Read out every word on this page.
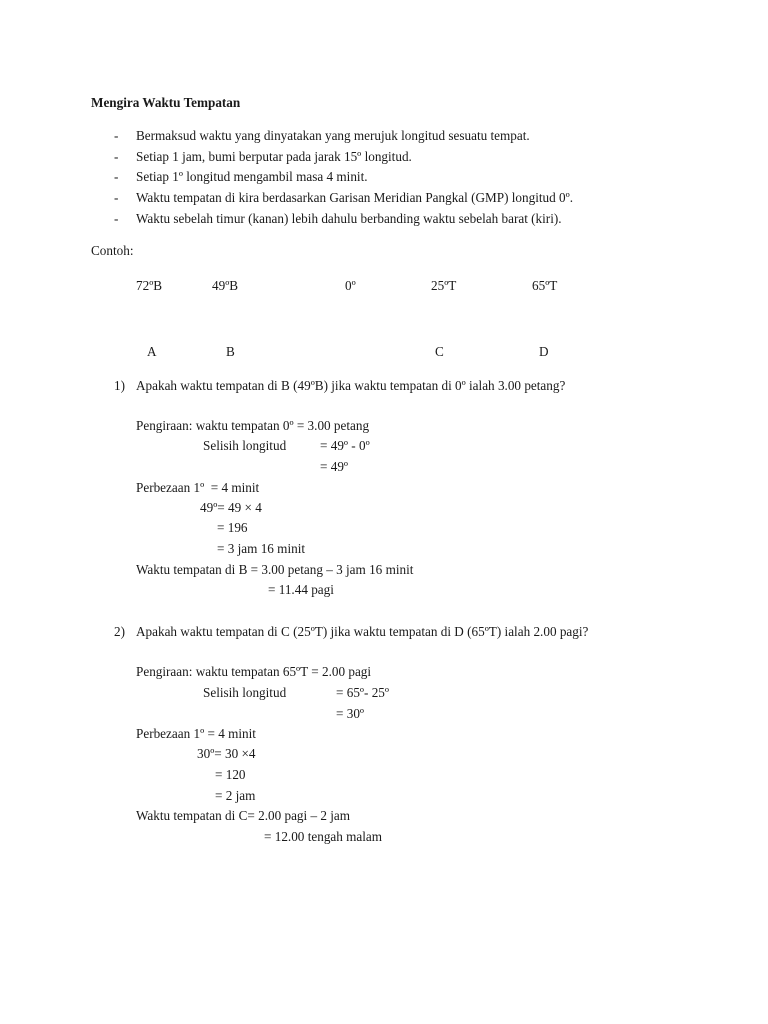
Mengira Waktu Tempatan
- Bermaksud waktu yang dinyatakan yang merujuk longitud sesuatu tempat.
- Setiap 1 jam, bumi berputar pada jarak 15º longitud.
- Setiap 1º longitud mengambil masa 4 minit.
- Waktu tempatan di kira berdasarkan Garisan Meridian Pangkal (GMP) longitud 0º.
- Waktu sebelah timur (kanan) lebih dahulu berbanding waktu sebelah barat (kiri).
Contoh:
72ºB	49ºB	0º	25ºT	65ºT
A	B	C	D
1) Apakah waktu tempatan di B (49ºB) jika waktu tempatan di 0º ialah 3.00 petang?
Pengiraan: waktu tempatan 0º = 3.00 petang
Selisih longitud	= 49º - 0º
= 49º
Perbezaan 1º  = 4 minit
49º= 49 × 4
= 196
= 3 jam 16 minit
Waktu tempatan di B = 3.00 petang – 3 jam 16 minit
= 11.44 pagi
2) Apakah waktu tempatan di C (25ºT) jika waktu tempatan di D (65ºT) ialah 2.00 pagi?
Pengiraan: waktu tempatan 65ºT = 2.00 pagi
Selisih longitud	= 65º- 25º
= 30º
Perbezaan 1º = 4 minit
30º= 30 ×4
= 120
= 2 jam
Waktu tempatan di C= 2.00 pagi – 2 jam
= 12.00 tengah malam
